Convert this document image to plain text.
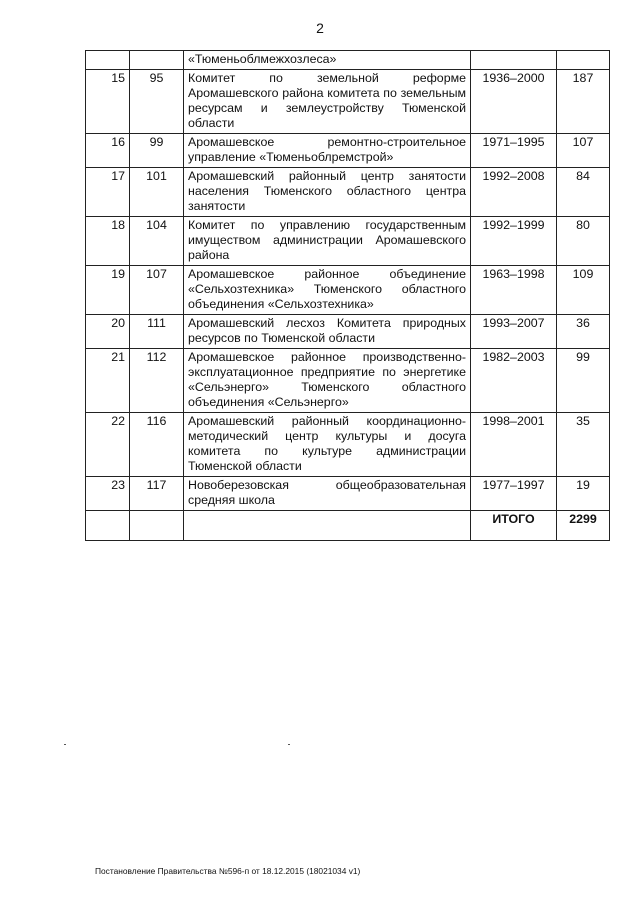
2
		«Тюменьоблмежхозлеса»		
15	95	Комитет по земельной реформе Аромашевского района комитета по земельным ресурсам и землеустройству Тюменской области	1936–2000	187
16	99	Аромашевское ремонтно-строительное управление «Тюменьоблремстрой»	1971–1995	107
17	101	Аромашевский районный центр занятости населения Тюменского областного центра занятости	1992–2008	84
18	104	Комитет по управлению государственным имуществом администрации Аромашевского района	1992–1999	80
19	107	Аромашевское районное объединение «Сельхозтехника» Тюменского областного объединения «Сельхозтехника»	1963–1998	109
20	111	Аромашевский лесхоз Комитета природных ресурсов по Тюменской области	1993–2007	36
21	112	Аромашевское районное производственно-эксплуатационное предприятие по энергетике «Сельэнерго» Тюменского областного объединения «Сельэнерго»	1982–2003	99
22	116	Аромашевский районный координационно-методический центр культуры и досуга комитета по культуре администрации Тюменской области	1998–2001	35
23	117	Новоберезовская общеобразовательная средняя школа	1977–1997	19
			ИТОГО	2299
Постановление Правительства №596-п от 18.12.2015 (18021034 v1)
